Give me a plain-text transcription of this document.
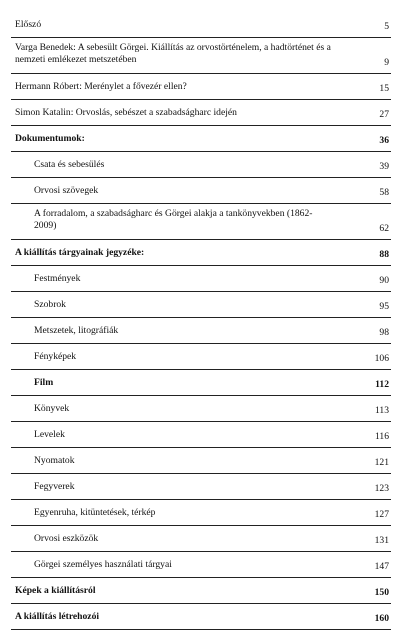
Előszó	5
Varga Benedek: A sebesült Görgei. Kiállítás az orvostörténelem, a hadtörténet és a nemzeti emlékezet metszetében	9
Hermann Róbert: Merénylet a fővezér ellen?	15
Simon Katalin: Orvoslás, sebészet a szabadságharc idején	27
Dokumentumok:	36
Csata és sebesülés	39
Orvosi szövegek	58
A forradalom, a szabadságharc és Görgei alakja a tankönyvekben (1862- 2009)	62
A kiállítás tárgyainak jegyzéke:	88
Festmények	90
Szobrok	95
Metszetek, litográfiák	98
Fényképek	106
Film	112
Könyvek	113
Levelek	116
Nyomatok	121
Fegyverek	123
Egyenruha, kitüntetések, térkép	127
Orvosi eszközök	131
Görgei személyes használati tárgyai	147
Képek a kiállításról	150
A kiállítás létrehozói	160
